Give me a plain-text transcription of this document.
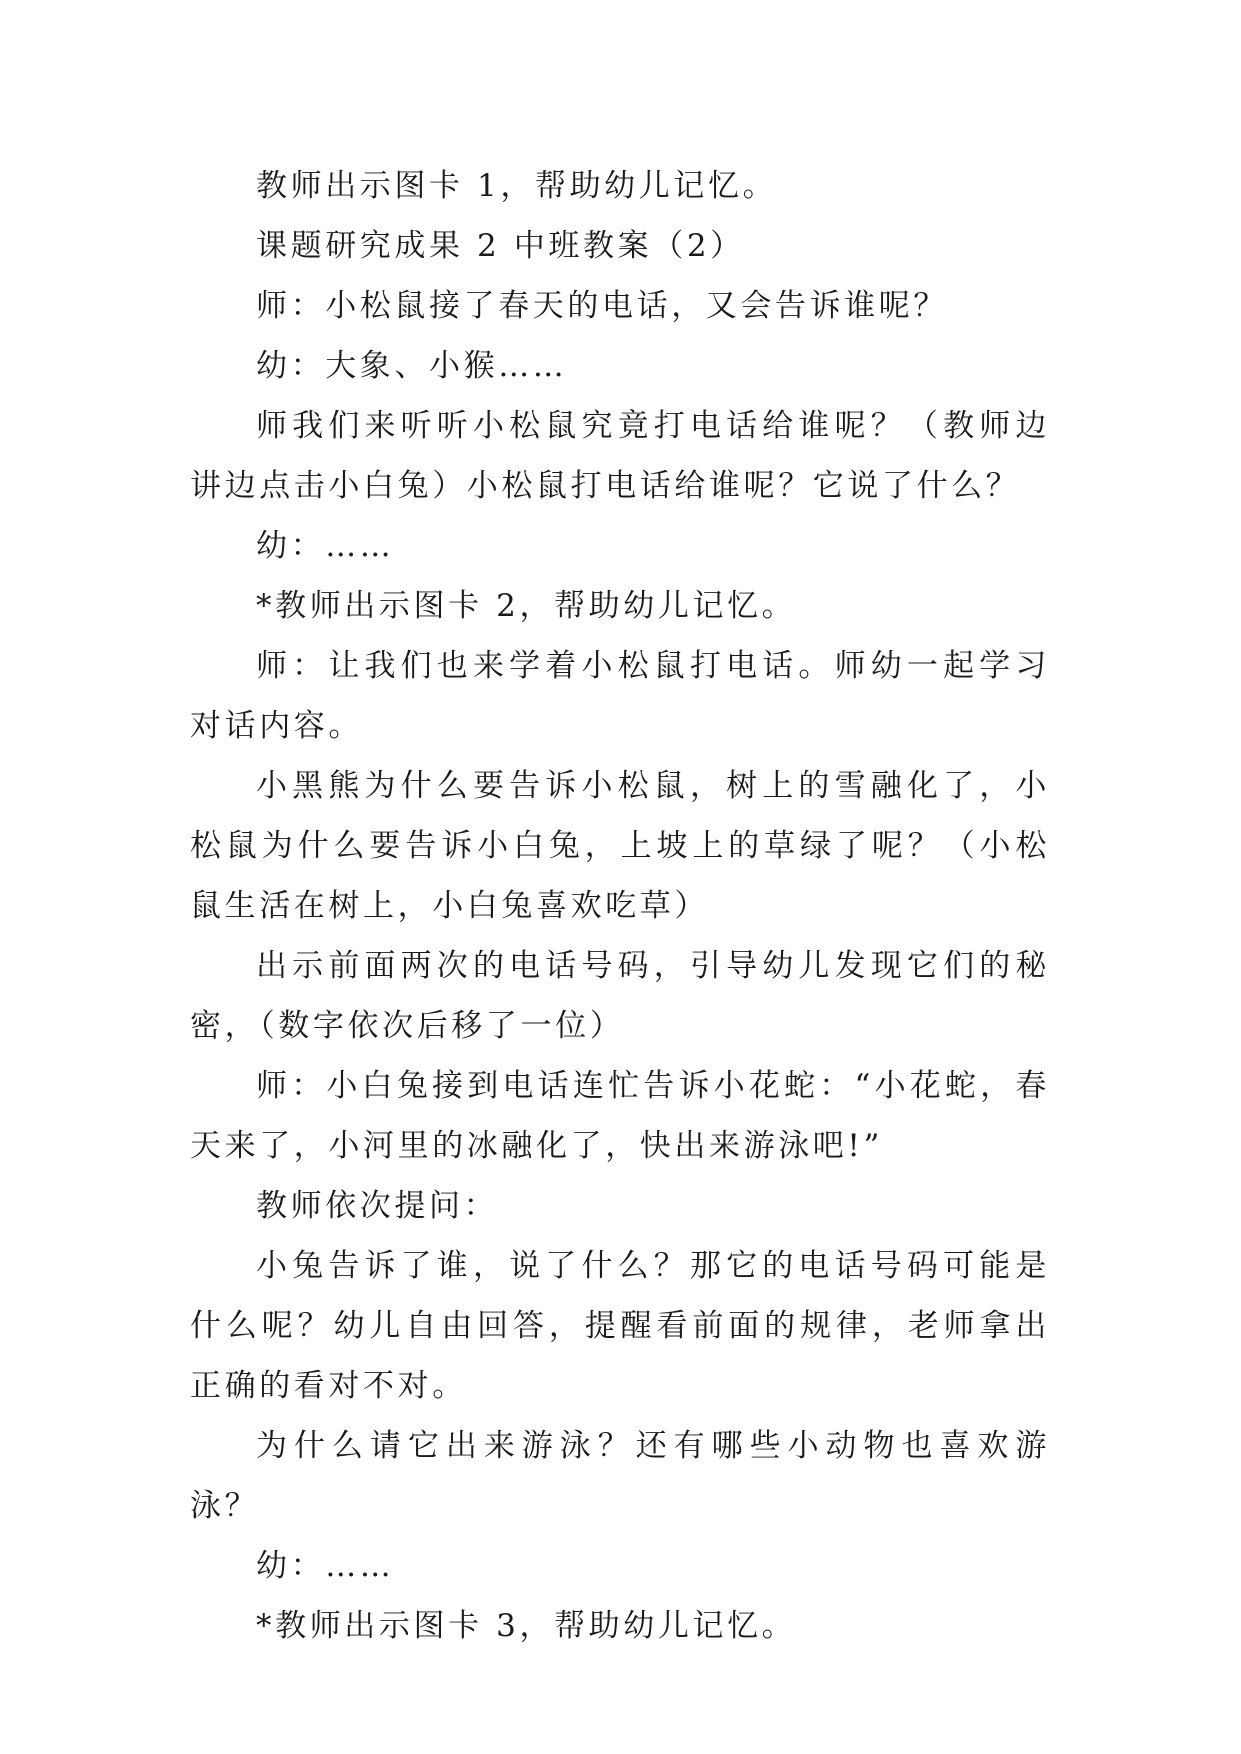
教师出示图卡 1，帮助幼儿记忆。

课题研究成果 2 中班教案（2）

师：小松鼠接了春天的电话，又会告诉谁呢？

幼：大象、小猴……

师我们来听听小松鼠究竟打电话给谁呢？（教师边讲边点击小白兔）小松鼠打电话给谁呢？它说了什么？

幼：……

*教师出示图卡 2，帮助幼儿记忆。

师：让我们也来学着小松鼠打电话。师幼一起学习对话内容。

小黑熊为什么要告诉小松鼠，树上的雪融化了，小松鼠为什么要告诉小白兔，上坡上的草绿了呢？（小松鼠生活在树上，小白兔喜欢吃草）

出示前面两次的电话号码，引导幼儿发现它们的秘密，（数字依次后移了一位）

师：小白兔接到电话连忙告诉小花蛇：“小花蛇，春天来了，小河里的冰融化了，快出来游泳吧!”

教师依次提问：

小兔告诉了谁，说了什么？那它的电话号码可能是什么呢？幼儿自由回答，提醒看前面的规律，老师拿出正确的看对不对。

为什么请它出来游泳？还有哪些小动物也喜欢游泳？

幼：……

*教师出示图卡 3，帮助幼儿记忆。
